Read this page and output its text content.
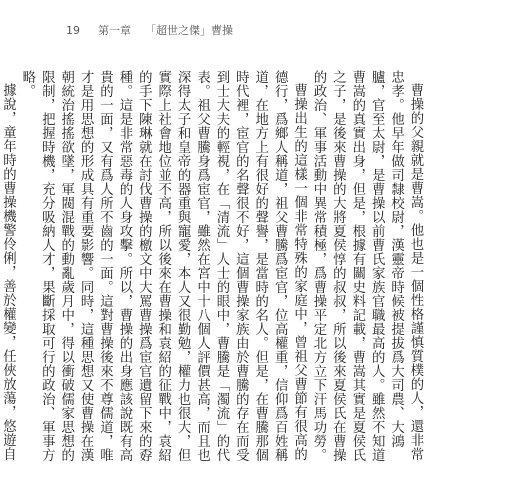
19	第一章 「超世之傑」曹操

曹操的父親就是曹嵩。他也是一個性格謹慎質樸的人，還非常忠孝。他早年做司隸校尉，漢靈帝時候被提拔爲大司農、大鴻臚，官至太尉，是曹操以前曹氏家族官職最高的人。雖然不知道曹嵩的真實出身，但是，根據有關史料記載，曹嵩其實是夏侯氏之子，是後來曹操的大將夏侯惇的叔叔，所以後來夏侯氏在曹操的政治、軍事活動中異常積極，爲曹操平定北方立下汗馬功勞。

曹操出生的這樣一個非常特殊的家庭中，曾祖父曹節有很高的德行，爲鄉人稱道，祖父曹騰爲宦官，位高權重，信仰爲百姓稱道，在地方上有很好的聲譽，是當時的名人。但是，在曹騰那個時代裡，宦官的名聲很不好，這個曹操家族由於曹騰的存在而受到士大夫的輕視，在「清流」人士的眼中，曹騰是「濁流」的代表。祖父曹騰身爲宦官，雖然在宮中十八個人評價甚高，而且也深得太子和皇帝的器重與寵愛，本人又很勤勉，權力也很大，但實際上社會地位並不高，所以後來在曹操和袁紹的征戰中，袁紹的手下陳琳就在討伐曹操的檄文中大罵曹操爲宦官遺留下來的孬種。這是非常惡毒的人身攻擊。所以，曹操的出身應該說既有高貴的一面，又有爲人所不齒的一面。這對曹操後來不尊儒道，唯才是用思想的形成具有重要影響。同時，這種思想又使曹操在漢朝統治搖搖欲墜，軍閥混戰的動亂歲月中，得以衝破儒家思想的限制，把握時機，充分吸納人才，果斷採取可行的政治、軍事方略。

據說，童年時的曹操機警伶俐，善於權變，任俠放蕩，悠遊自
